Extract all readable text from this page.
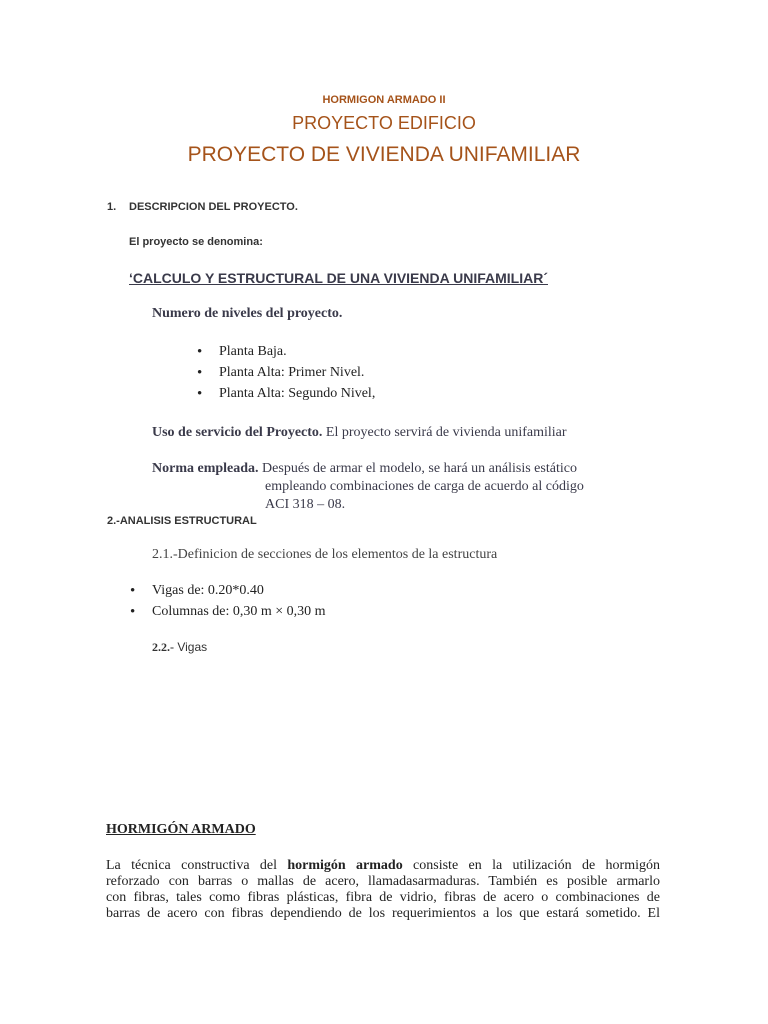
HORMIGON ARMADO II
PROYECTO EDIFICIO
PROYECTO DE VIVIENDA UNIFAMILIAR
1. DESCRIPCION DEL PROYECTO.
El proyecto se denomina:
‘CALCULO Y ESTRUCTURAL DE UNA VIVIENDA UNIFAMILIAR´
Numero de niveles del proyecto.
• Planta Baja.
• Planta Alta: Primer Nivel.
• Planta Alta: Segundo Nivel,
Uso de servicio del Proyecto. El proyecto servirá de vivienda unifamiliar
Norma empleada. Después de armar el modelo, se hará un análisis estático
empleando combinaciones de carga de acuerdo al código
ACI 318 – 08.
2.-ANALISIS ESTRUCTURAL
2.1.-Definicion de secciones de los elementos de la estructura
• Vigas de: 0.20*0.40
• Columnas de: 0,30 m × 0,30 m
2.2.- Vigas
HORMIGÓN ARMADO
La técnica constructiva del hormigón armado consiste en la utilización de hormigón
reforzado con barras o mallas de acero, llamadasarmaduras. También es posible armarlo
con fibras, tales como fibras plásticas, fibra de vidrio, fibras de acero o combinaciones de
barras de acero con fibras dependiendo de los requerimientos a los que estará sometido. El
